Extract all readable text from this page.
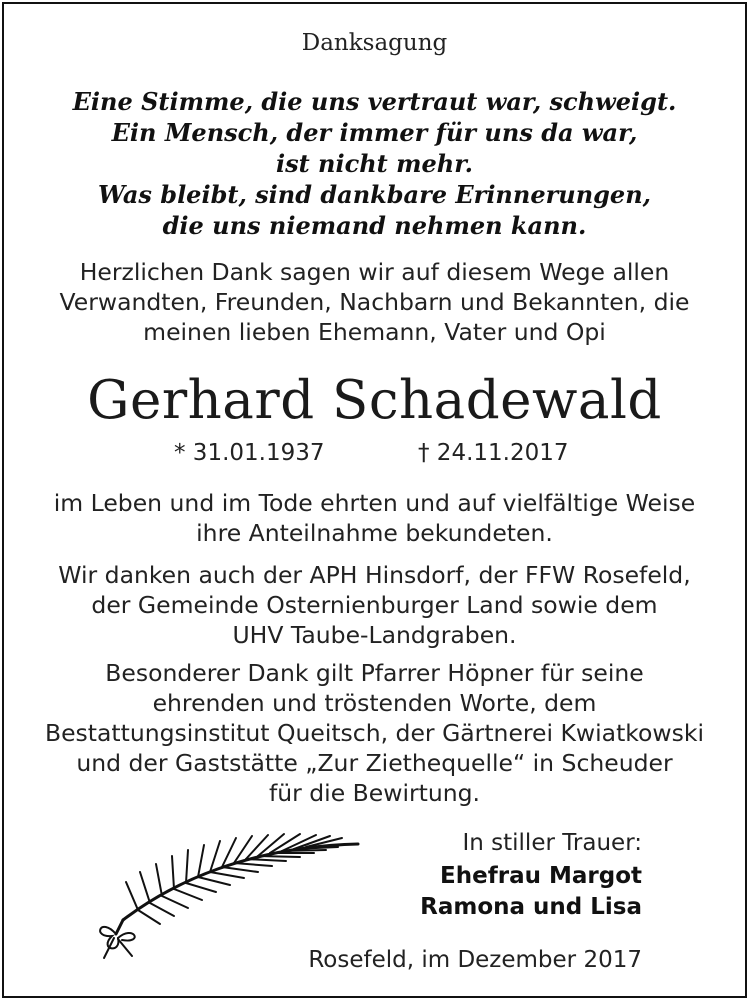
Danksagung
Eine Stimme, die uns vertraut war, schweigt.
Ein Mensch, der immer für uns da war,
ist nicht mehr.
Was bleibt, sind dankbare Erinnerungen,
die uns niemand nehmen kann.
Herzlichen Dank sagen wir auf diesem Wege allen
Verwandten, Freunden, Nachbarn und Bekannten, die
meinen lieben Ehemann, Vater und Opi
Gerhard Schadewald
* 31.01.1937	† 24.11.2017
im Leben und im Tode ehrten und auf vielfältige Weise
ihre Anteilnahme bekundeten.
Wir danken auch der APH Hinsdorf, der FFW Rosefeld,
der Gemeinde Osternienburger Land sowie dem
UHV Taube-Landgraben.
Besonderer Dank gilt Pfarrer Höpner für seine
ehrenden und tröstenden Worte, dem
Bestattungsinstitut Queitsch, der Gärtnerei Kwiatkowski
und der Gaststätte „Zur Ziethequelle“ in Scheuder
für die Bewirtung.
In stiller Trauer:
Ehefrau Margot
Ramona und Lisa
Rosefeld, im Dezember 2017
